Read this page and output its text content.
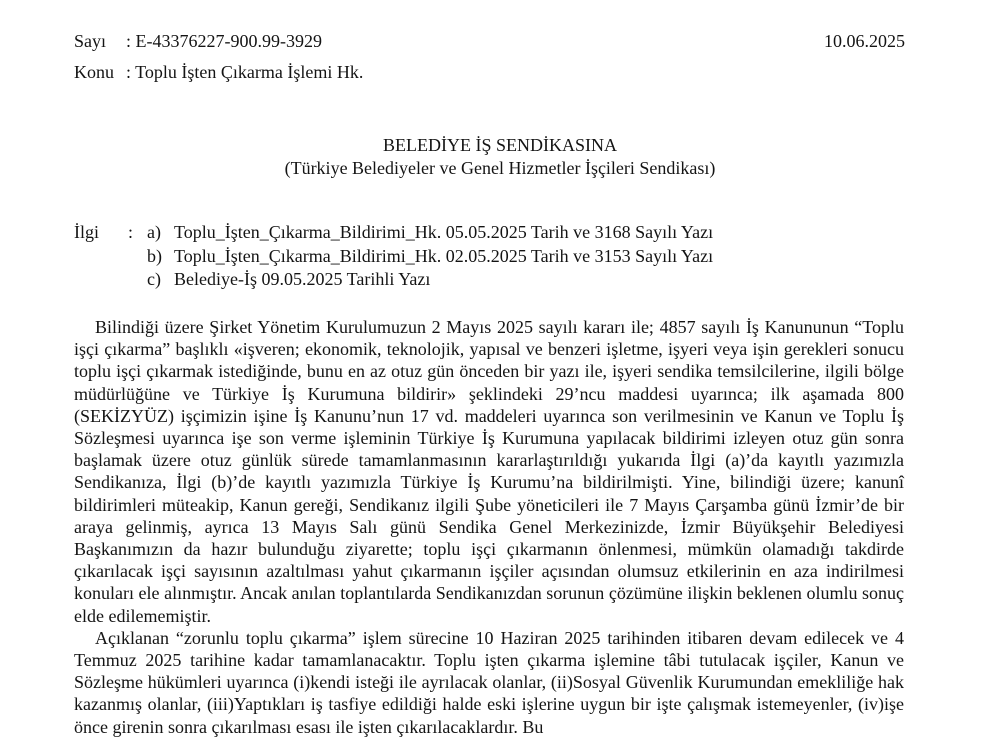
Sayı : E-43376227-900.99-3929
Konu : Toplu İşten Çıkarma İşlemi Hk.
10.06.2025
BELEDİYE İŞ SENDİKASINA
(Türkiye Belediyeler ve Genel Hizmetler İşçileri Sendikası)
İlgi : a) Toplu_İşten_Çıkarma_Bildirimi_Hk. 05.05.2025 Tarih ve 3168 Sayılı Yazı
b) Toplu_İşten_Çıkarma_Bildirimi_Hk. 02.05.2025 Tarih ve 3153 Sayılı Yazı
c) Belediye-İş 09.05.2025 Tarihli Yazı

Bilindiği üzere Şirket Yönetim Kurulumuzun 2 Mayıs 2025 sayılı kararı ile; 4857 sayılı İş Kanununun “Toplu işçi çıkarma” başlıklı «işveren; ekonomik, teknolojik, yapısal ve benzeri işletme, işyeri veya işin gerekleri sonucu toplu işçi çıkarmak istediğinde, bunu en az otuz gün önceden bir yazı ile, işyeri sendika temsilcilerine, ilgili bölge müdürlüğüne ve Türkiye İş Kurumuna bildirir» şeklindeki 29’ncu maddesi uyarınca; ilk aşamada 800 (SEKİZYÜZ) işçimizin işine İş Kanunu’nun 17 vd. maddeleri uyarınca son verilmesinin ve Kanun ve Toplu İş Sözleşmesi uyarınca işe son verme işleminin Türkiye İş Kurumuna yapılacak bildirimi izleyen otuz gün sonra başlamak üzere otuz günlük sürede tamamlanmasının kararlaştırıldığı yukarıda İlgi (a)’da kayıtlı yazımızla Sendikanıza, İlgi (b)’de kayıtlı yazımızla Türkiye İş Kurumu’na bildirilmişti. Yine, bilindiği üzere; kanunî bildirimleri müteakip, Kanun gereği, Sendikanız ilgili Şube yöneticileri ile 7 Mayıs Çarşamba günü İzmir’de bir araya gelinmiş, ayrıca 13 Mayıs Salı günü Sendika Genel Merkezinizde, İzmir Büyükşehir Belediyesi Başkanımızın da hazır bulunduğu ziyarette; toplu işçi çıkarmanın önlenmesi, mümkün olamadığı takdirde çıkarılacak işçi sayısının azaltılması yahut çıkarmanın işçiler açısından olumsuz etkilerinin en aza indirilmesi konuları ele alınmıştır. Ancak anılan toplantılarda Sendikanızdan sorunun çözümüne ilişkin beklenen olumlu sonuç elde edilememiştir.

Açıklanan “zorunlu toplu çıkarma” işlem sürecine 10 Haziran 2025 tarihinden itibaren devam edilecek ve 4 Temmuz 2025 tarihine kadar tamamlanacaktır. Toplu işten çıkarma işlemine tâbi tutulacak işçiler, Kanun ve Sözleşme hükümleri uyarınca (i)kendi isteği ile ayrılacak olanlar, (ii)Sosyal Güvenlik Kurumundan emekliliğe hak kazanmış olanlar, (iii)Yaptıkları iş tasfiye edildiği halde eski işlerine uygun bir işte çalışmak istemeyenler, (iv)işe önce girenin sonra çıkarılması esası ile işten çıkarılacaklardır. Bu
